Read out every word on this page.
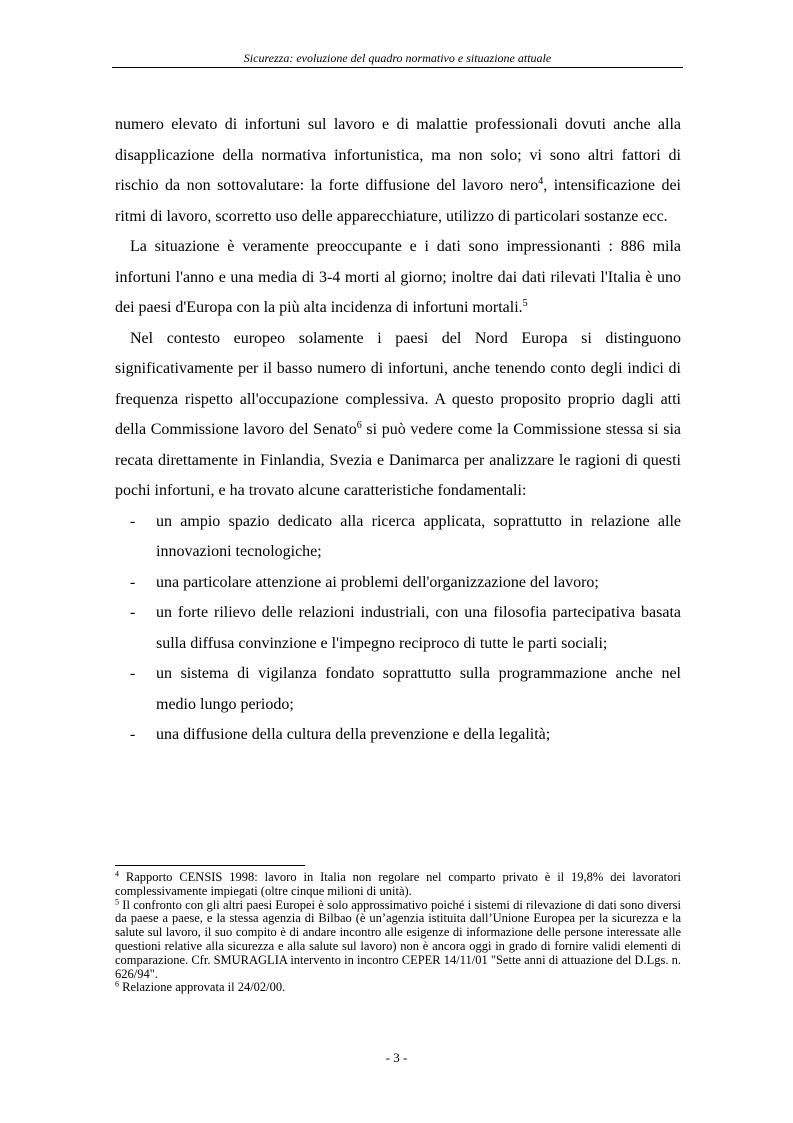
Sicurezza: evoluzione del quadro normativo e situazione attuale

numero elevato di infortuni sul lavoro e di malattie professionali dovuti anche alla disapplicazione della normativa infortunistica, ma non solo; vi sono altri fattori di rischio da non sottovalutare: la forte diffusione del lavoro nero$^4$, intensificazione dei ritmi di lavoro, scorretto uso delle apparecchiature, utilizzo di particolari sostanze ecc.

La situazione è veramente preoccupante e i dati sono impressionanti : 886 mila infortuni l'anno e una media di 3-4 morti al giorno; inoltre dai dati rilevati l'Italia è uno dei paesi d'Europa con la più alta incidenza di infortuni mortali.$^5$

Nel contesto europeo solamente i paesi del Nord Europa si distinguono significativamente per il basso numero di infortuni, anche tenendo conto degli indici di frequenza rispetto all'occupazione complessiva. A questo proposito proprio dagli atti della Commissione lavoro del Senato$^6$ si può vedere come la Commissione stessa si sia recata direttamente in Finlandia, Svezia e Danimarca per analizzare le ragioni di questi pochi infortuni, e ha trovato alcune caratteristiche fondamentali:

- un ampio spazio dedicato alla ricerca applicata, soprattutto in relazione alle innovazioni tecnologiche;
- una particolare attenzione ai problemi dell'organizzazione del lavoro;
- un forte rilievo delle relazioni industriali, con una filosofia partecipativa basata sulla diffusa convinzione e l'impegno reciproco di tutte le parti sociali;
- un sistema di vigilanza fondato soprattutto sulla programmazione anche nel medio lungo periodo;
- una diffusione della cultura della prevenzione e della legalità;

$^4$ Rapporto CENSIS 1998: lavoro in Italia non regolare nel comparto privato è il 19,8% dei lavoratori complessivamente impiegati (oltre cinque milioni di unità).

$^5$ Il confronto con gli altri paesi Europei è solo approssimativo poiché i sistemi di rilevazione di dati sono diversi da paese a paese, e la stessa agenzia di Bilbao (è un’agenzia istituita dall’Unione Europea per la sicurezza e la salute sul lavoro, il suo compito è di andare incontro alle esigenze di informazione delle persone interessate alle questioni relative alla sicurezza e alla salute sul lavoro) non è ancora oggi in grado di fornire validi elementi di comparazione. Cfr. SMURAGLIA intervento in incontro CEPER 14/11/01 "Sette anni di attuazione del D.Lgs. n. 626/94".

$^6$ Relazione approvata il 24/02/00.

- 3 -
